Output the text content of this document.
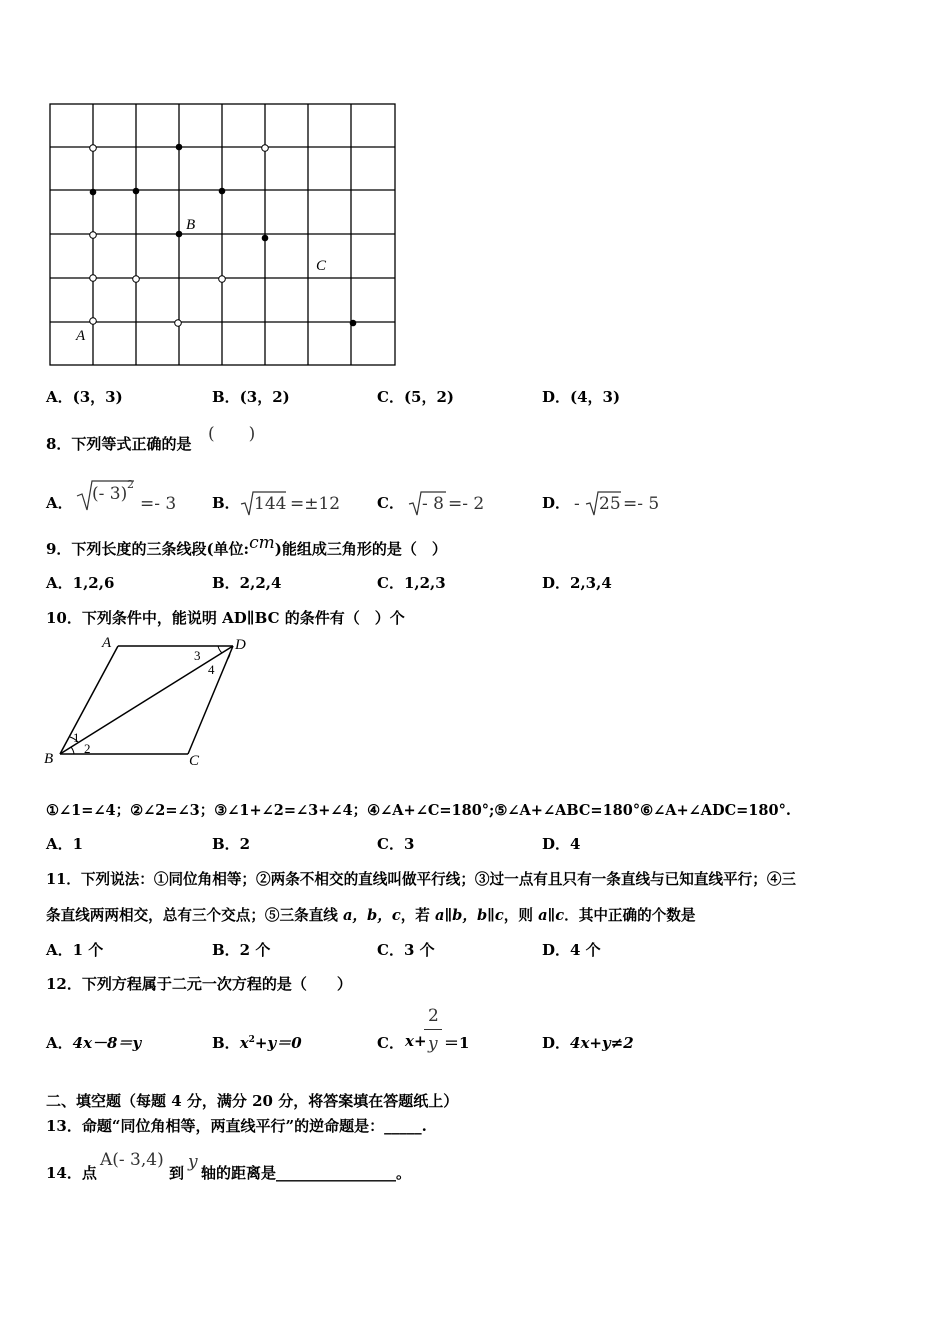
B
C
A
A．(3，3)	B．(3，2)	C．(5，2)	D．(4，3)
8．下列等式正确的是 (　　)
A． (- 3) 2
=- 3 B． 144 =±12 C． - 8 =- 2	D． - 25 =- 5
9．下列长度的三条线段(单位:cm)能组成三角形的是（　）
A．1,2,6	B．2,2,4	C．1,2,3	D．2,3,4
10．下列条件中，能说明 AD∥BC 的条件有（　）个
A	D
B	C
1
2
3
4
①∠1=∠4；②∠2=∠3；③∠1+∠2=∠3+∠4；④∠A+∠C=180°;⑤∠A+∠ABC=180°⑥∠A+∠ADC=180°.
A．1	B．2	C．3	D．4
11．下列说法：①同位角相等；②两条不相交的直线叫做平行线；③过一点有且只有一条直线与已知直线平行；④三
条直线两两相交，总有三个交点；⑤三条直线 a，b，c，若 a∥b，b∥c，则 a∥c．其中正确的个数是
A．1 个	B．2 个	C．3 个	D．4 个
12．下列方程属于二元一次方程的是（　　）
A．4x－8＝y	B．$x^2+y=0$	C． x+
2
y ＝1	D．4x+y≠2
二、填空题（每题 4 分，满分 20 分，将答案填在答题纸上）
13．命题“同位角相等，两直线平行”的逆命题是：_____.
14．点
A(- 3,4)
到
y
轴的距离是________________。
